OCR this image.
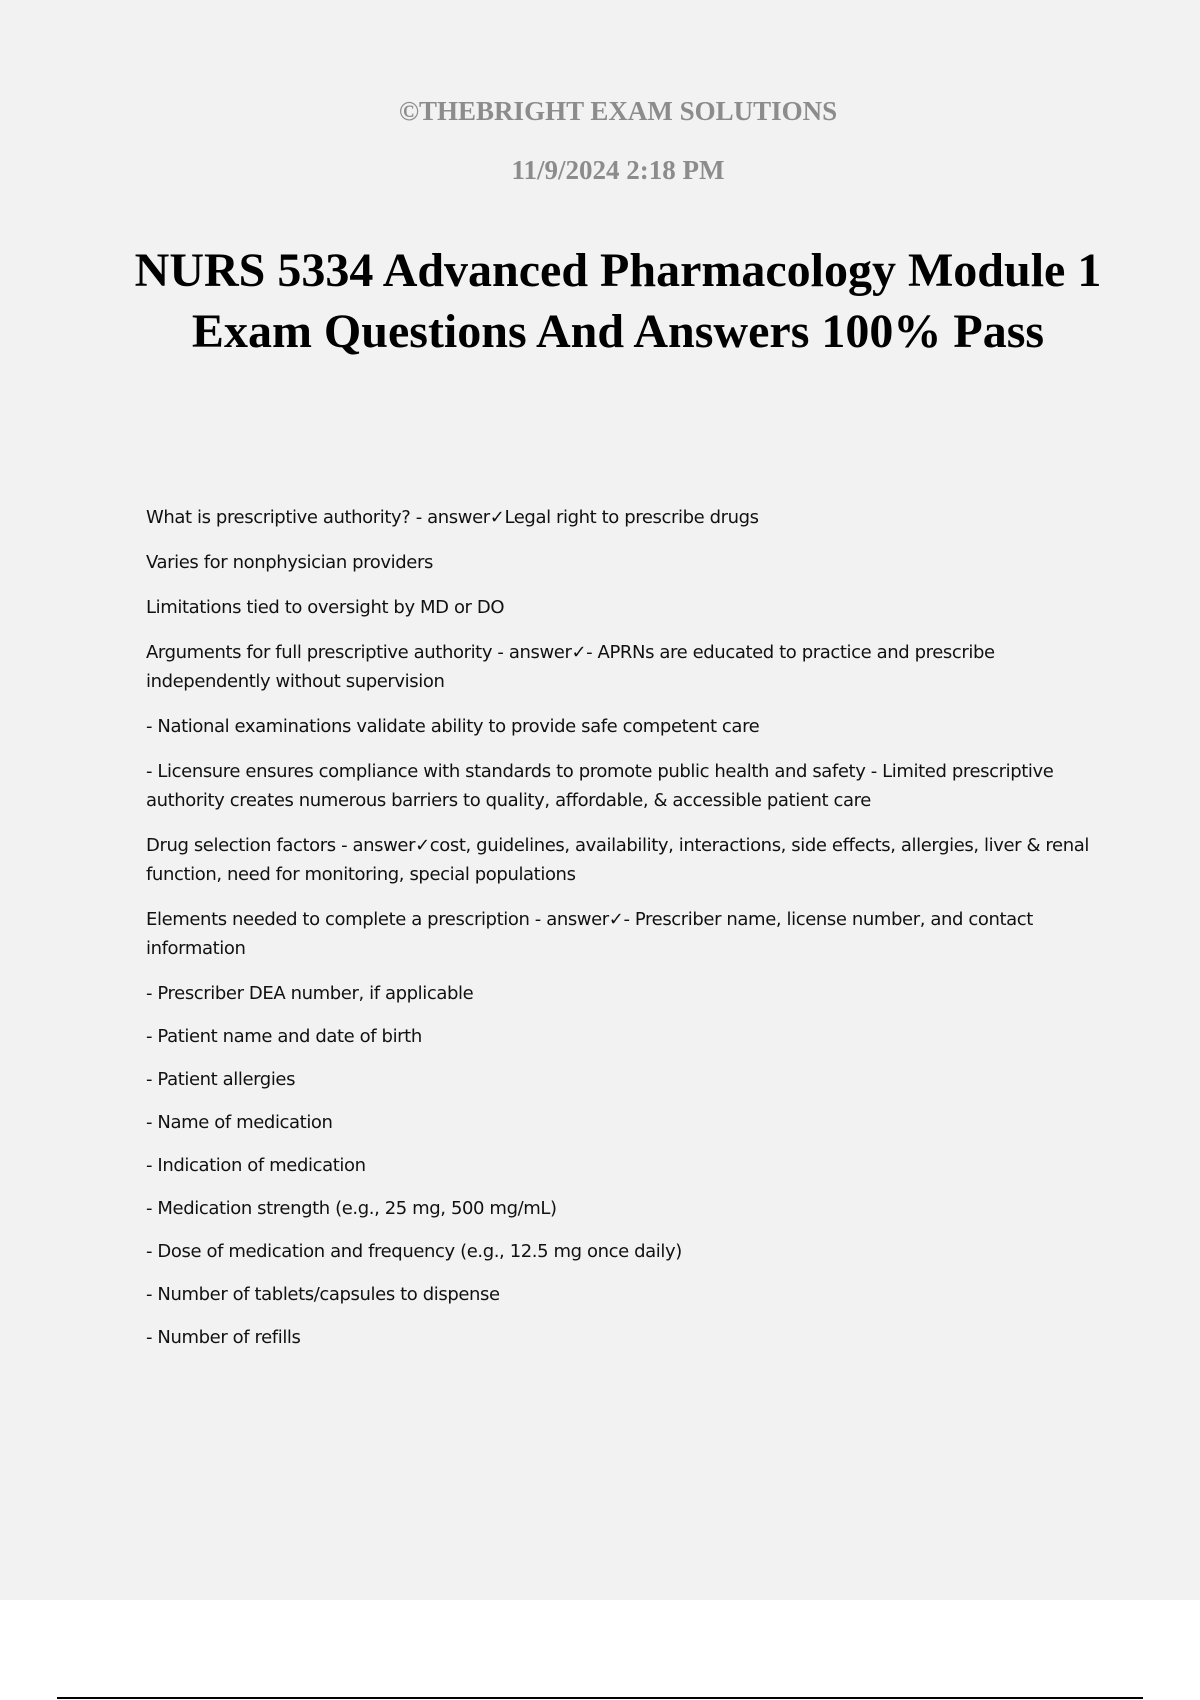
©THEBRIGHT EXAM SOLUTIONS
11/9/2024 2:18 PM
NURS 5334 Advanced Pharmacology Module 1 Exam Questions And Answers 100% Pass

What is prescriptive authority? - answer✓Legal right to prescribe drugs

Varies for nonphysician providers

Limitations tied to oversight by MD or DO

Arguments for full prescriptive authority - answer✓- APRNs are educated to practice and prescribe independently without supervision

- National examinations validate ability to provide safe competent care

- Licensure ensures compliance with standards to promote public health and safety - Limited prescriptive authority creates numerous barriers to quality, affordable, & accessible patient care

Drug selection factors - answer✓cost, guidelines, availability, interactions, side effects, allergies, liver & renal function, need for monitoring, special populations

Elements needed to complete a prescription - answer✓- Prescriber name, license number, and contact information

- Prescriber DEA number, if applicable

- Patient name and date of birth

- Patient allergies

- Name of medication

- Indication of medication

- Medication strength (e.g., 25 mg, 500 mg/mL)

- Dose of medication and frequency (e.g., 12.5 mg once daily)

- Number of tablets/capsules to dispense

- Number of refills
